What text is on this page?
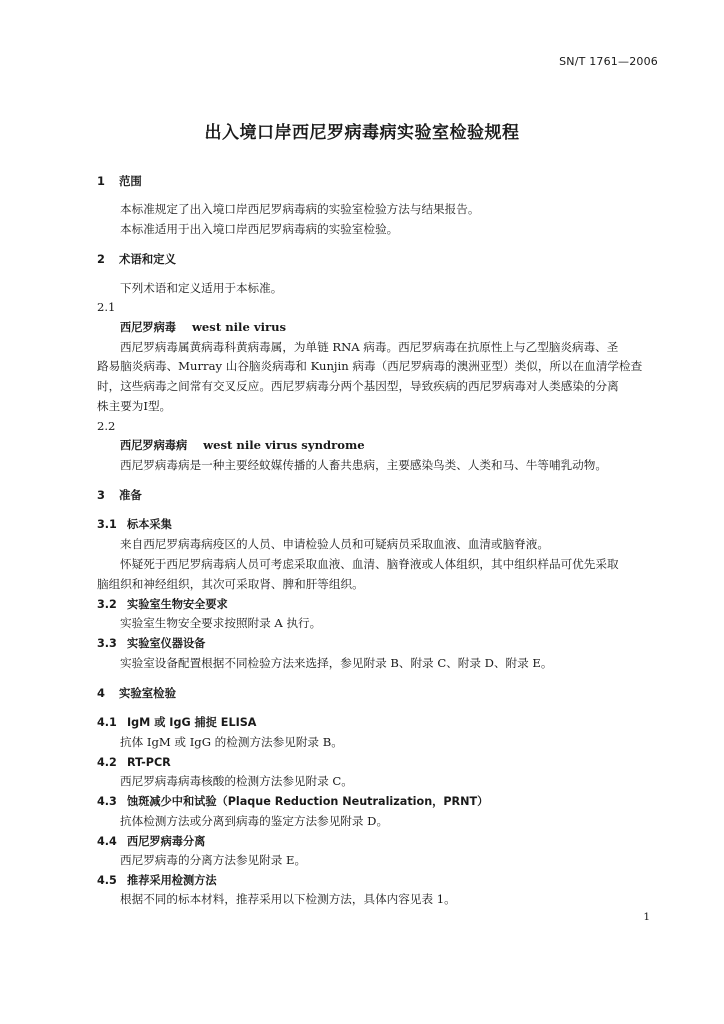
SN/T 1761—2006
出入境口岸西尼罗病毒病实验室检验规程
1 范围
本标准规定了出入境口岸西尼罗病毒病的实验室检验方法与结果报告。
本标准适用于出入境口岸西尼罗病毒病的实验室检验。
2 术语和定义
下列术语和定义适用于本标准。
2.1
西尼罗病毒 west nile virus
西尼罗病毒属黄病毒科黄病毒属，为单链 RNA 病毒。西尼罗病毒在抗原性上与乙型脑炎病毒、圣
路易脑炎病毒、Murray 山谷脑炎病毒和 Kunjin 病毒（西尼罗病毒的澳洲亚型）类似，所以在血清学检查
时，这些病毒之间常有交叉反应。西尼罗病毒分两个基因型，导致疾病的西尼罗病毒对人类感染的分离
株主要为Ⅰ型。
2.2
西尼罗病毒病 west nile virus syndrome
西尼罗病毒病是一种主要经蚊媒传播的人畜共患病，主要感染鸟类、人类和马、牛等哺乳动物。
3 准备
3.1 标本采集
来自西尼罗病毒病疫区的人员、申请检验人员和可疑病员采取血液、血清或脑脊液。
怀疑死于西尼罗病毒病人员可考虑采取血液、血清、脑脊液或人体组织，其中组织样品可优先采取
脑组织和神经组织，其次可采取肾、脾和肝等组织。
3.2 实验室生物安全要求
实验室生物安全要求按照附录 A 执行。
3.3 实验室仪器设备
实验室设备配置根据不同检验方法来选择，参见附录 B、附录 C、附录 D、附录 E。
4 实验室检验
4.1 IgM 或 IgG 捕捉 ELISA
抗体 IgM 或 IgG 的检测方法参见附录 B。
4.2 RT-PCR
西尼罗病毒病毒核酸的检测方法参见附录 C。
4.3 蚀斑减少中和试验（Plaque Reduction Neutralization，PRNT）
抗体检测方法或分离到病毒的鉴定方法参见附录 D。
4.4 西尼罗病毒分离
西尼罗病毒的分离方法参见附录 E。
4.5 推荐采用检测方法
根据不同的标本材料，推荐采用以下检测方法，具体内容见表 1。
1
